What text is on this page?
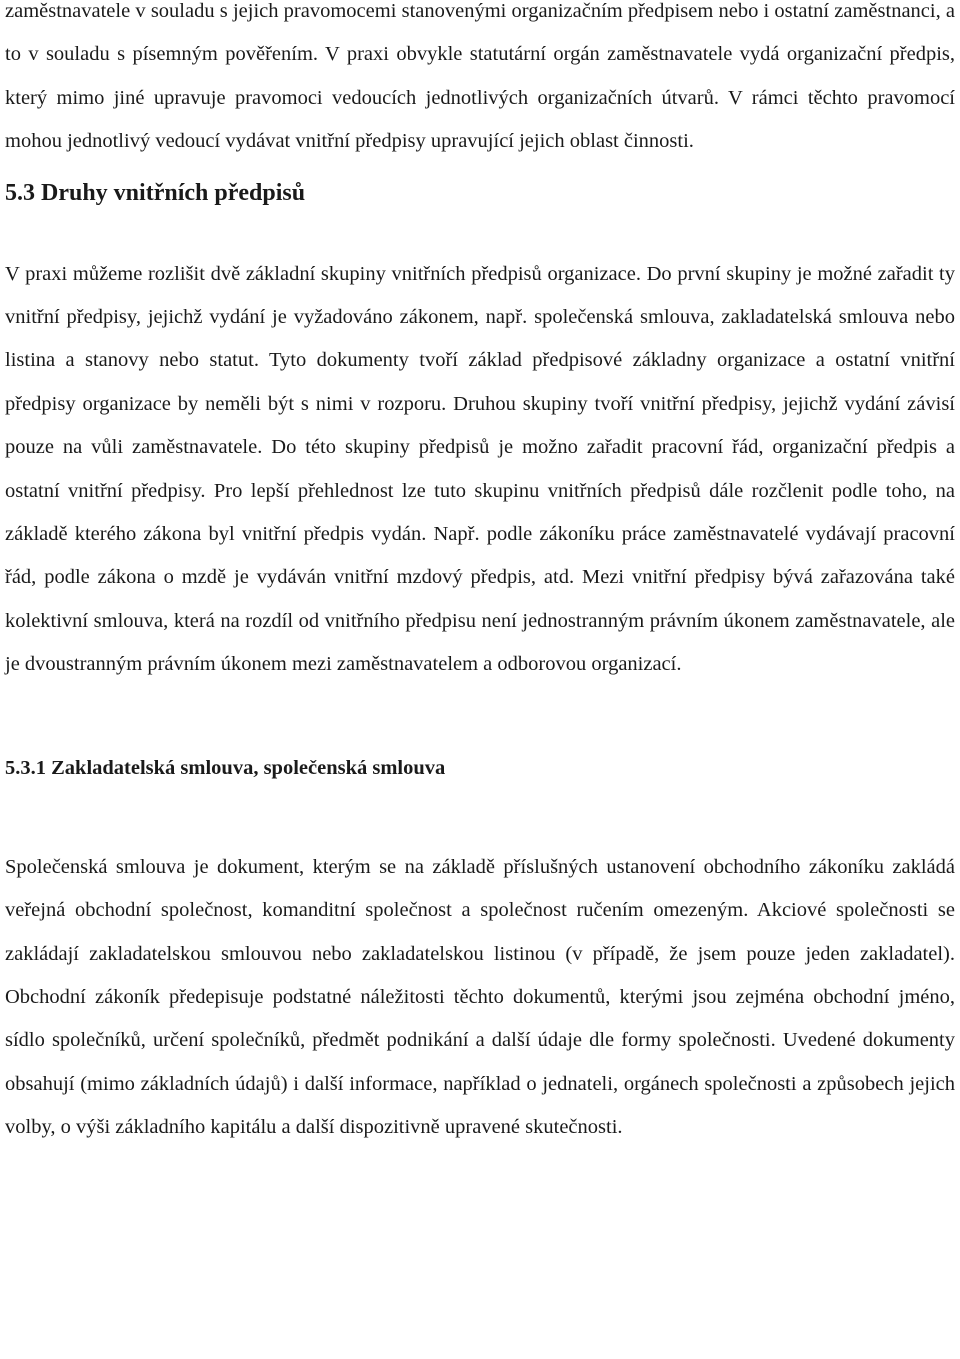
zaměstnavatele v souladu s jejich pravomocemi stanovenými organizačním předpisem nebo i ostatní zaměstnanci, a to v souladu s písemným pověřením. V praxi obvykle statutární orgán zaměstnavatele vydá organizační předpis, který mimo jiné upravuje pravomoci vedoucích jednotlivých organizačních útvarů. V rámci těchto pravomocí mohou jednotlivý vedoucí vydávat vnitřní předpisy upravující jejich oblast činnosti.

5.3 Druhy vnitřních předpisů

V praxi můžeme rozlišit dvě základní skupiny vnitřních předpisů organizace. Do první skupiny je možné zařadit ty vnitřní předpisy, jejichž vydání je vyžadováno zákonem, např. společenská smlouva, zakladatelská smlouva nebo listina a stanovy nebo statut. Tyto dokumenty tvoří základ předpisové základny organizace a ostatní vnitřní předpisy organizace by neměli být s nimi v rozporu. Druhou skupiny tvoří vnitřní předpisy, jejichž vydání závisí pouze na vůli zaměstnavatele. Do této skupiny předpisů je možno zařadit pracovní řád, organizační předpis a ostatní vnitřní předpisy. Pro lepší přehlednost lze tuto skupinu vnitřních předpisů dále rozčlenit podle toho, na základě kterého zákona byl vnitřní předpis vydán. Např. podle zákoníku práce zaměstnavatelé vydávají pracovní řád, podle zákona o mzdě je vydáván vnitřní mzdový předpis, atd. Mezi vnitřní předpisy bývá zařazována také kolektivní smlouva, která na rozdíl od vnitřního předpisu není jednostranným právním úkonem zaměstnavatele, ale je dvoustranným právním úkonem mezi zaměstnavatelem a odborovou organizací.

5.3.1 Zakladatelská smlouva, společenská smlouva

Společenská smlouva je dokument, kterým se na základě příslušných ustanovení obchodního zákoníku zakládá veřejná obchodní společnost, komanditní společnost a společnost ručením omezeným. Akciové společnosti se zakládají zakladatelskou smlouvou nebo zakladatelskou listinou (v případě, že jsem pouze jeden zakladatel). Obchodní zákoník předepisuje podstatné náležitosti těchto dokumentů, kterými jsou zejména obchodní jméno, sídlo společníků, určení společníků, předmět podnikání a další údaje dle formy společnosti. Uvedené dokumenty obsahují (mimo základních údajů) i další informace, například o jednateli, orgánech společnosti a způsobech jejich volby, o výši základního kapitálu a další dispozitivně upravené skutečnosti.
